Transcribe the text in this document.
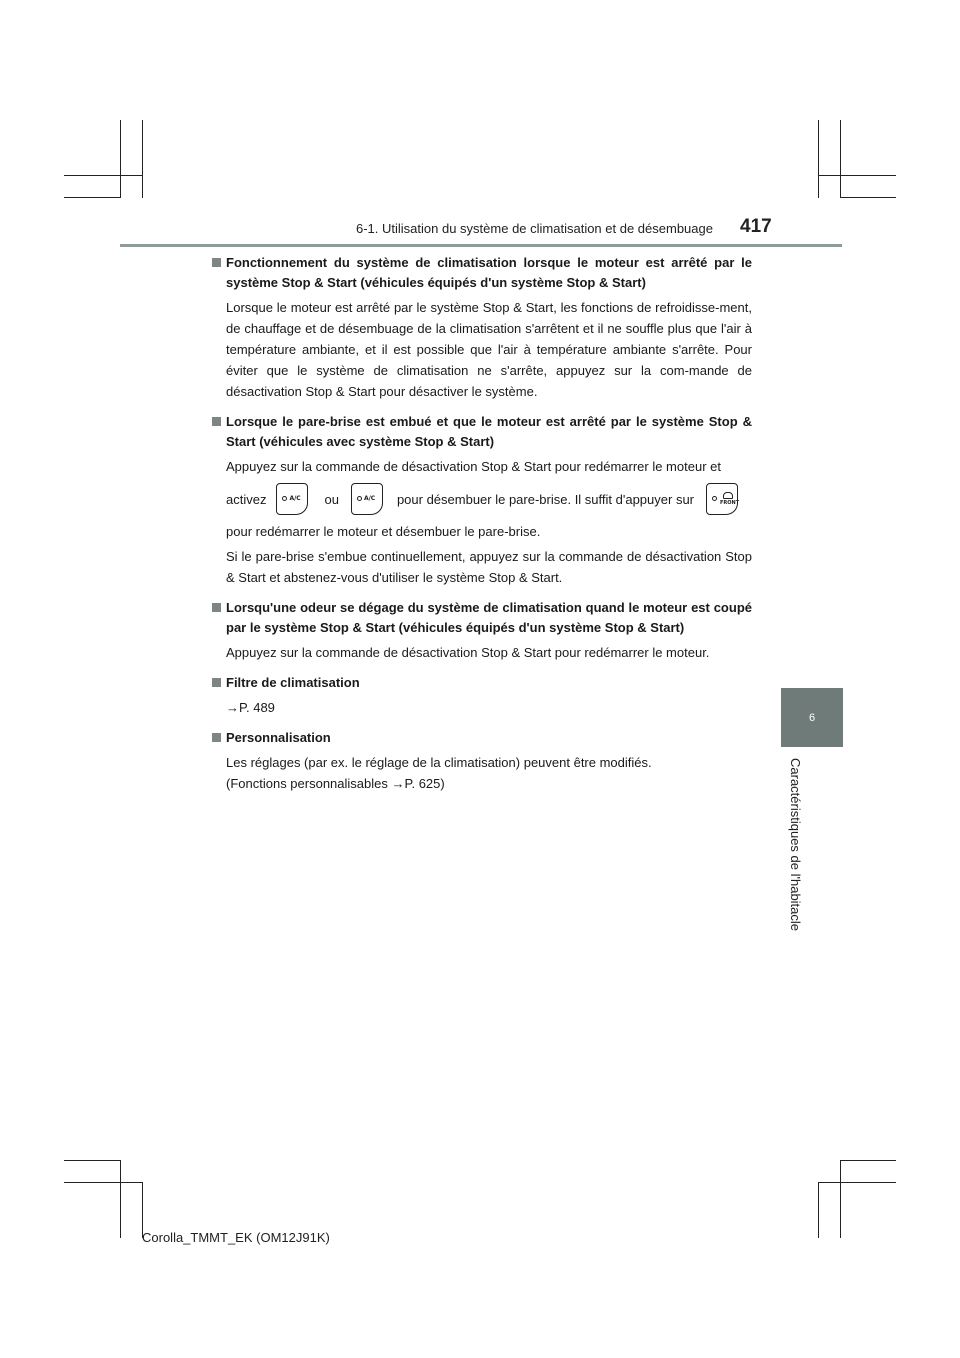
6-1. Utilisation du système de climatisation et de désembuage 417
6
Caractéristiques de l'habitacle
Fonctionnement du système de climatisation lorsque le moteur est arrêté par le système Stop & Start (véhicules équipés d'un système Stop & Start)
Lorsque le moteur est arrêté par le système Stop & Start, les fonctions de refroidisse-ment, de chauffage et de désembuage de la climatisation s'arrêtent et il ne souffle plus que l'air à température ambiante, et il est possible que l'air à température ambiante s'arrête. Pour éviter que le système de climatisation ne s'arrête, appuyez sur la com-mande de désactivation Stop & Start pour désactiver le système.
Lorsque le pare-brise est embué et que le moteur est arrêté par le système Stop & Start (véhicules avec système Stop & Start)
Appuyez sur la commande de désactivation Stop & Start pour redémarrer le moteur et
activez	A/C ou	A/C pour désembuer le pare-brise. Il suffit d'appuyer sur	FRONT
pour redémarrer le moteur et désembuer le pare-brise.
Si le pare-brise s'embue continuellement, appuyez sur la commande de désactivation Stop & Start et abstenez-vous d'utiliser le système Stop & Start.
Lorsqu'une odeur se dégage du système de climatisation quand le moteur est coupé par le système Stop & Start (véhicules équipés d'un système Stop & Start)
Appuyez sur la commande de désactivation Stop & Start pour redémarrer le moteur.
Filtre de climatisation
→P. 489
Personnalisation
Les réglages (par ex. le réglage de la climatisation) peuvent être modifiés.
(Fonctions personnalisables →P. 625)
Corolla_TMMT_EK (OM12J91K)
